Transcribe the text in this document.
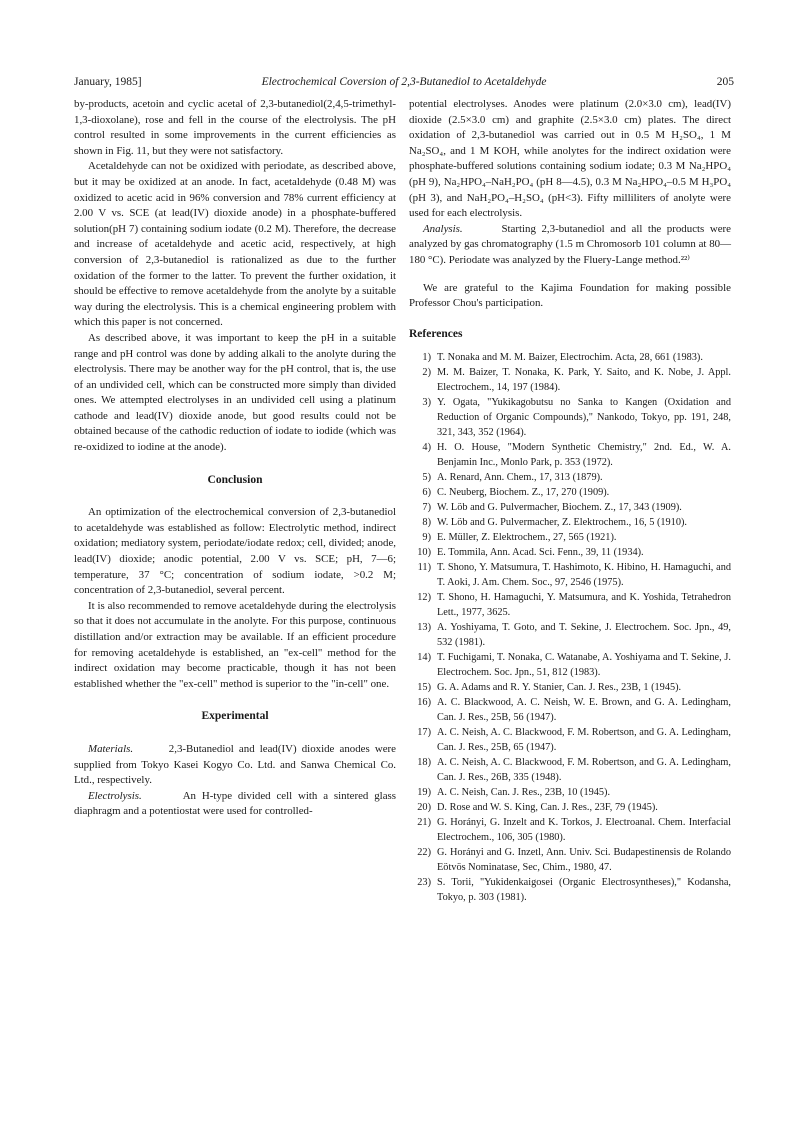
January, 1985]	Electrochemical Coversion of 2,3-Butanediol to Acetaldehyde	205

by-products, acetoin and cyclic acetal of 2,3-butanediol(2,4,5-trimethyl-1,3-dioxolane), rose and fell in the course of the electrolysis. The pH control resulted in some improvements in the current efficiencies as shown in Fig. 11, but they were not satisfactory.

Acetaldehyde can not be oxidized with periodate, as described above, but it may be oxidized at an anode. In fact, acetaldehyde (0.48 M) was oxidized to acetic acid in 96% conversion and 78% current efficiency at 2.00 V vs. SCE (at lead(IV) dioxide anode) in a phosphate-buffered solution(pH 7) containing sodium iodate (0.2 M). Therefore, the decrease and increase of acetaldehyde and acetic acid, respectively, at high conversion of 2,3-butanediol is rationalized as due to the further oxidation of the former to the latter. To prevent the further oxidation, it should be effective to remove acetaldehyde from the anolyte by a suitable way during the electrolysis. This is a chemical engineering problem with which this paper is not concerned.

As described above, it was important to keep the pH in a suitable range and pH control was done by adding alkali to the anolyte during the electrolysis. There may be another way for the pH control, that is, the use of an undivided cell, which can be constructed more simply than divided ones. We attempted electrolyses in an undivided cell using a platinum cathode and lead(IV) dioxide anode, but good results could not be obtained because of the cathodic reduction of iodate to iodide (which was re-oxidized to iodine at the anode).

Conclusion

An optimization of the electrochemical conversion of 2,3-butanediol to acetaldehyde was established as follow: Electrolytic method, indirect oxidation; mediatory system, periodate/iodate redox; cell, divided; anode, lead(IV) dioxide; anodic potential, 2.00 V vs. SCE; pH, 7—6; temperature, 37 °C; concentration of sodium iodate, >0.2 M; concentration of 2,3-butanediol, several percent.

It is also recommended to remove acetaldehyde during the electrolysis so that it does not accumulate in the anolyte. For this purpose, continuous distillation and/or extraction may be available. If an efficient procedure for removing acetaldehyde is established, an "ex-cell" method for the indirect oxidation may become practicable, though it has not been established whether the "ex-cell" method is superior to the "in-cell" one.

Experimental

Materials.	2,3-Butanediol and lead(IV) dioxide anodes were supplied from Tokyo Kasei Kogyo Co. Ltd. and Sanwa Chemical Co. Ltd., respectively.

Electrolysis.	An H-type divided cell with a sintered glass diaphragm and a potentiostat were used for controlled-

potential electrolyses. Anodes were platinum (2.0×3.0 cm), lead(IV) dioxide (2.5×3.0 cm) and graphite (2.5×3.0 cm) plates. The direct oxidation of 2,3-butanediol was carried out in 0.5 M H₂SO₄, 1 M Na₂SO₄, and 1 M KOH, while anolytes for the indirect oxidation were phosphate-buffered solutions containing sodium iodate; 0.3 M Na₂HPO₄ (pH 9), Na₂HPO₄–NaH₂PO₄ (pH 8—4.5), 0.3 M Na₂HPO₄–0.5 M H₃PO₄ (pH 3), and NaH₂PO₄–H₂SO₄ (pH<3). Fifty milliliters of anolyte were used for each electrolysis.

Analysis.	Starting 2,3-butanediol and all the products were analyzed by gas chromatography (1.5 m Chromosorb 101 column at 80—180 °C). Periodate was analyzed by the Fluery-Lange method.²²⁾

We are grateful to the Kajima Foundation for making possible Professor Chou's participation.

References
1) T. Nonaka and M. M. Baizer, Electrochim. Acta, 28, 661 (1983).
2) M. M. Baizer, T. Nonaka, K. Park, Y. Saito, and K. Nobe, J. Appl. Electrochem., 14, 197 (1984).
3) Y. Ogata, "Yukikagobutsu no Sanka to Kangen (Oxidation and Reduction of Organic Compounds)," Nankodo, Tokyo, pp. 191, 248, 321, 343, 352 (1964).
4) H. O. House, "Modern Synthetic Chemistry," 2nd. Ed., W. A. Benjamin Inc., Monlo Park, p. 353 (1972).
5) A. Renard, Ann. Chem., 17, 313 (1879).
6) C. Neuberg, Biochem. Z., 17, 270 (1909).
7) W. Löb and G. Pulvermacher, Biochem. Z., 17, 343 (1909).
8) W. Löb and G. Pulvermacher, Z. Elektrochem., 16, 5 (1910).
9) E. Müller, Z. Elektrochem., 27, 565 (1921).
10) E. Tommila, Ann. Acad. Sci. Fenn., 39, 11 (1934).
11) T. Shono, Y. Matsumura, T. Hashimoto, K. Hibino, H. Hamaguchi, and T. Aoki, J. Am. Chem. Soc., 97, 2546 (1975).
12) T. Shono, H. Hamaguchi, Y. Matsumura, and K. Yoshida, Tetrahedron Lett., 1977, 3625.
13) A. Yoshiyama, T. Goto, and T. Sekine, J. Electrochem. Soc. Jpn., 49, 532 (1981).
14) T. Fuchigami, T. Nonaka, C. Watanabe, A. Yoshiyama and T. Sekine, J. Electrochem. Soc. Jpn., 51, 812 (1983).
15) G. A. Adams and R. Y. Stanier, Can. J. Res., 23B, 1 (1945).
16) A. C. Blackwood, A. C. Neish, W. E. Brown, and G. A. Ledingham, Can. J. Res., 25B, 56 (1947).
17) A. C. Neish, A. C. Blackwood, F. M. Robertson, and G. A. Ledingham, Can. J. Res., 25B, 65 (1947).
18) A. C. Neish, A. C. Blackwood, F. M. Robertson, and G. A. Ledingham, Can. J. Res., 26B, 335 (1948).
19) A. C. Neish, Can. J. Res., 23B, 10 (1945).
20) D. Rose and W. S. King, Can. J. Res., 23F, 79 (1945).
21) G. Horányi, G. Inzelt and K. Torkos, J. Electroanal. Chem. Interfacial Electrochem., 106, 305 (1980).
22) G. Horányi and G. Inzetl, Ann. Univ. Sci. Budapestinensis de Rolando Eötvös Nominatase, Sec, Chim., 1980, 47.
23) S. Torii, "Yukidenkaigosei (Organic Electrosyntheses)," Kodansha, Tokyo, p. 303 (1981).
